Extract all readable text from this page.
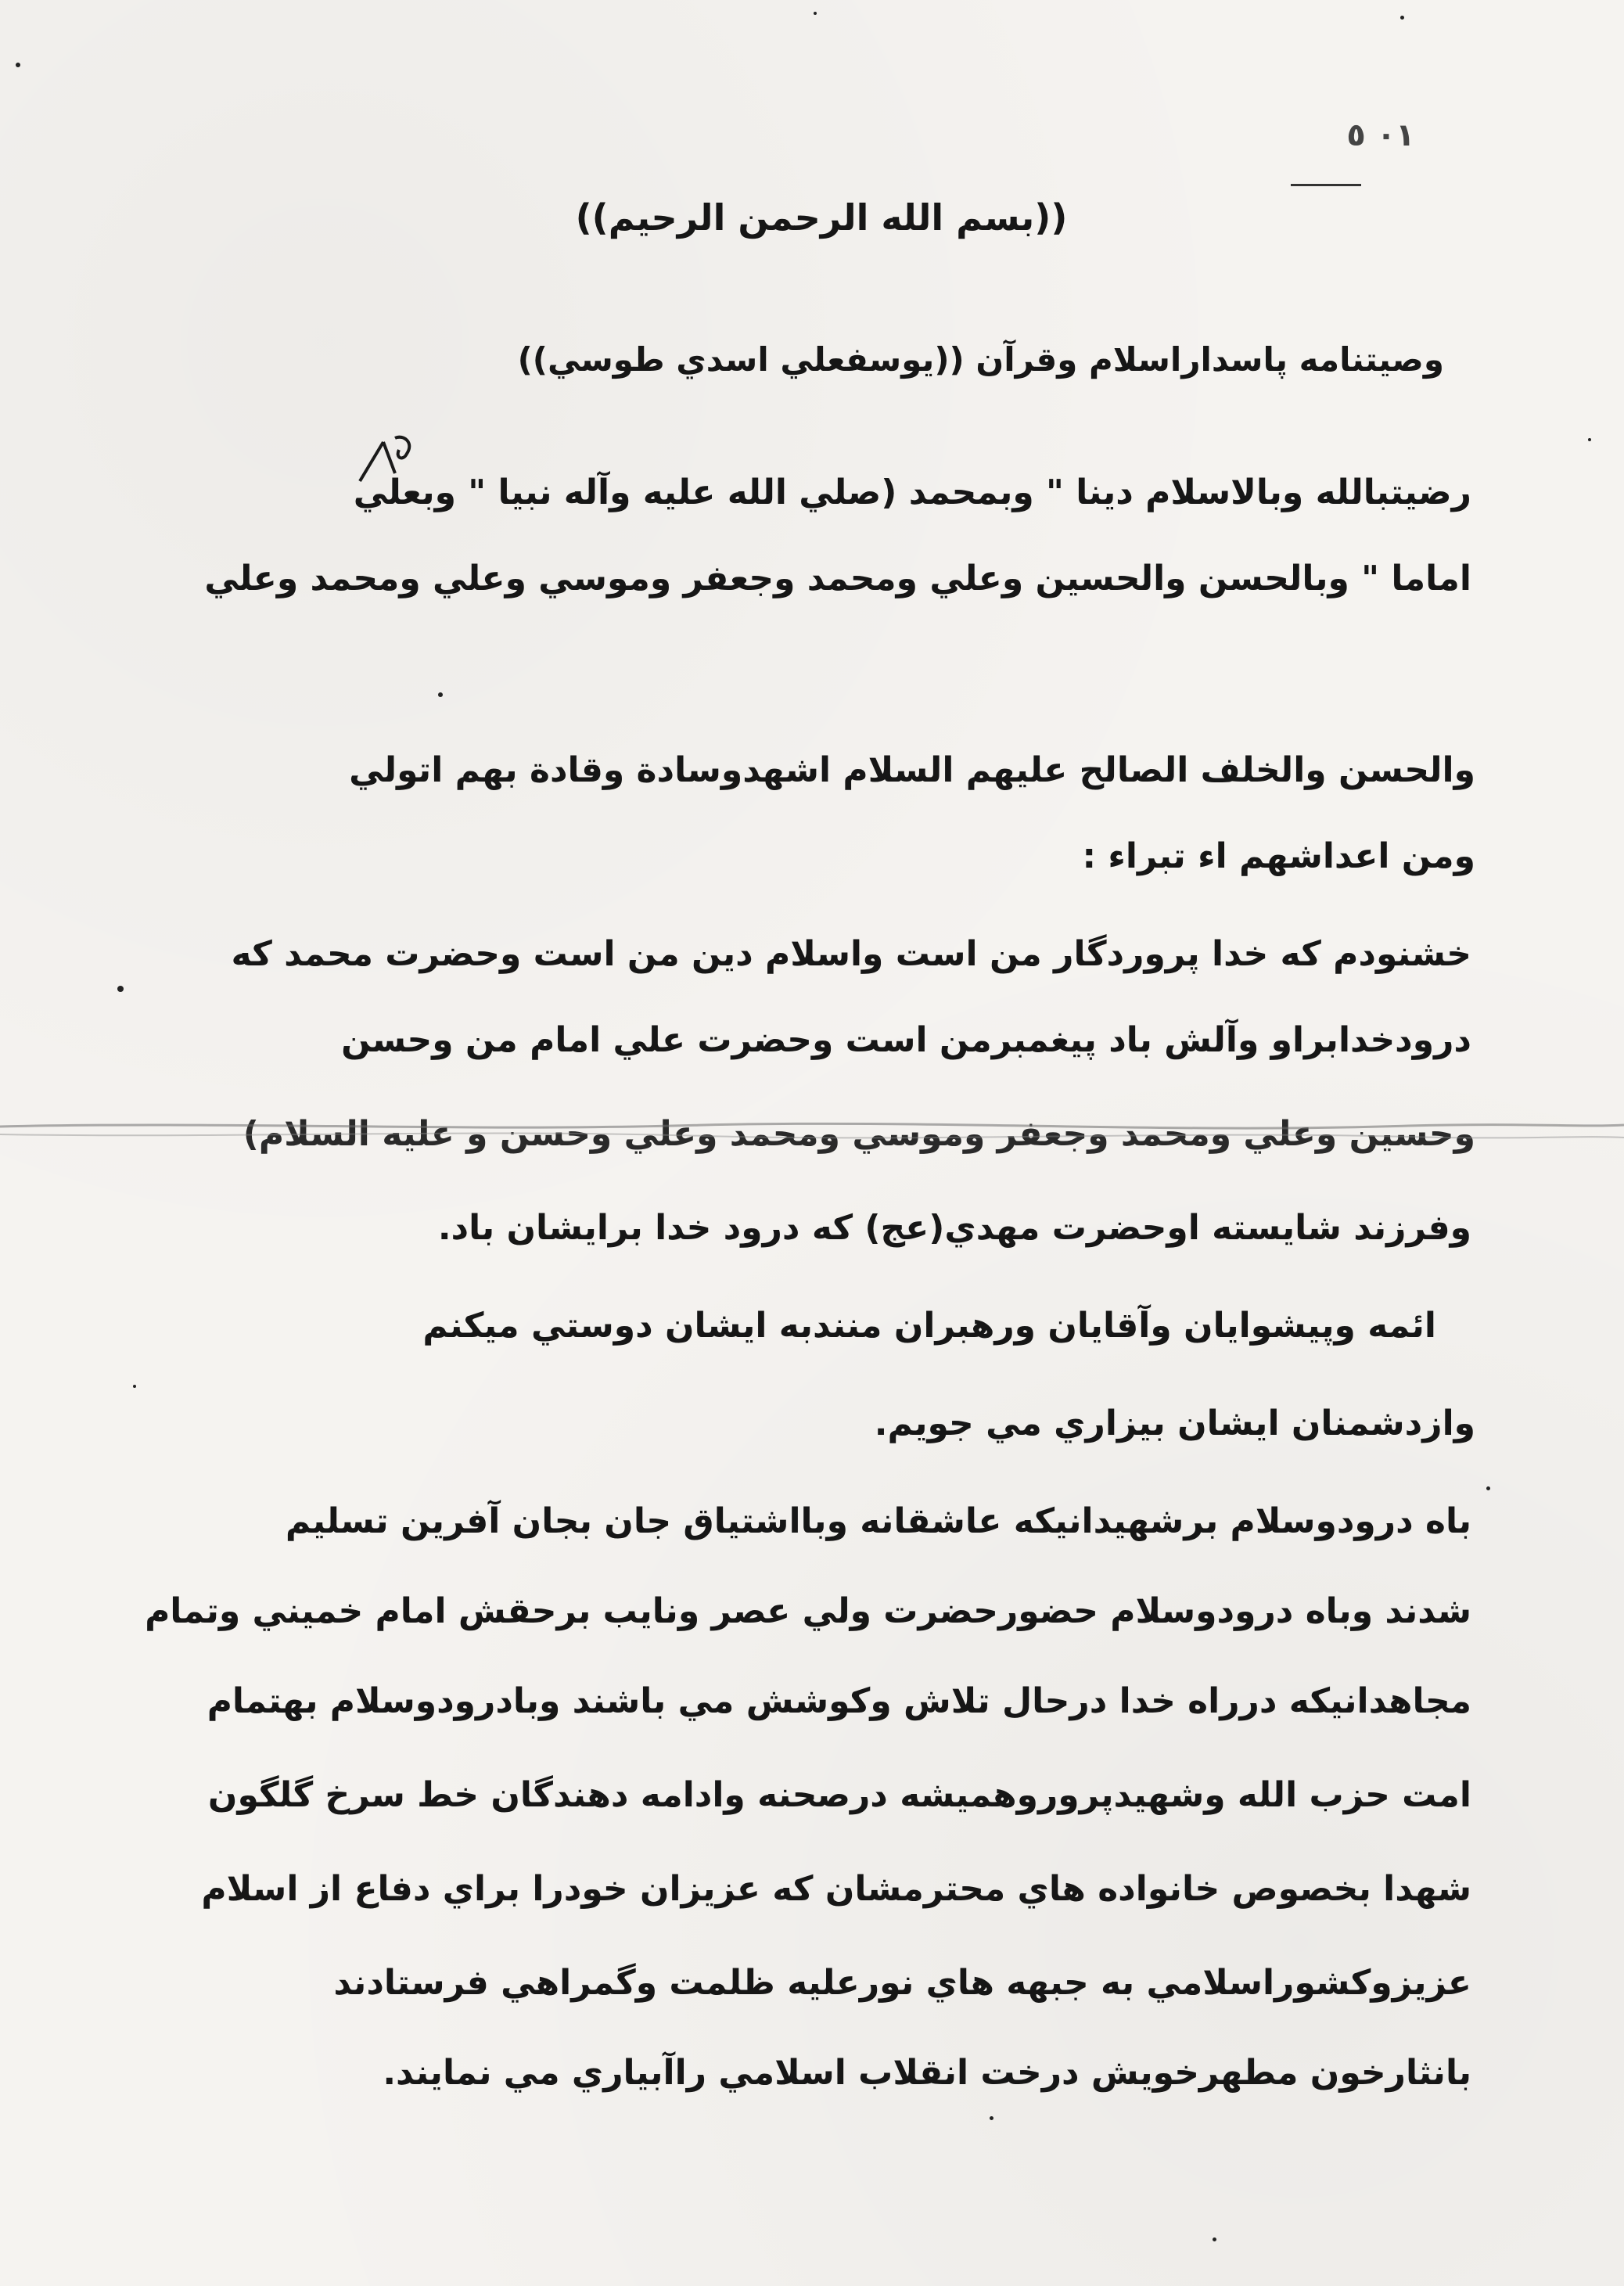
٠١ ٥
((بسم الله الرحمن الرحيم))
وصيتنامه پاسداراسلام وقرآن ((يوسفعلي اسدي طوسي))
رضيتبالله وبالاسلام دينا " وبمحمد (صلي الله عليه وآله نبيا " وبعلي
اماما " وبالحسن والحسين وعلي ومحمد وجعفر وموسي وعلي ومحمد وعلي
والحسن والخلف الصالح عليهم السلام اشهدوسادة وقادة بهم اتولي
ومن اعداشهم اء تبراء :
خشنودم كه خدا پروردگار من است واسلام دين من است وحضرت محمد كه
درودخدابراو وآلش باد پيغمبرمن است وحضرت علي امام من وحسن
وحسين وعلي ومحمد وجعفر وموسي ومحمد وعلي وحسن و عليه السلام)
وفرزند شايسته اوحضرت مهدي(عج) كه درود خدا برايشان باد.
ائمه وپيشوايان وآقايان ورهبران منندبه ايشان دوستي ميكنم
وازدشمنان ايشان بيزاري مي جويم.
باه درودوسلام برشهيدانيكه عاشقانه وبااشتياق جان بجان آفرين تسليم
شدند وباه درودوسلام حضورحضرت ولي عصر ونايب برحقش امام خميني وتمام
مجاهدانيكه درراه خدا درحال تلاش وكوشش مي باشند وبادرودوسلام بهتمام
امت حزب الله وشهيدپروروهميشه درصحنه وادامه دهندگان خط سرخ گلگون
شهدا بخصوص خانواده هاي محترمشان كه عزيزان خودرا براي دفاع از اسلام
عزيزوكشوراسلامي به جبهه هاي نورعليه ظلمت وگمراهي فرستادند
بانثارخون مطهرخويش درخت انقلاب اسلامي راآبياري مي نمايند.
